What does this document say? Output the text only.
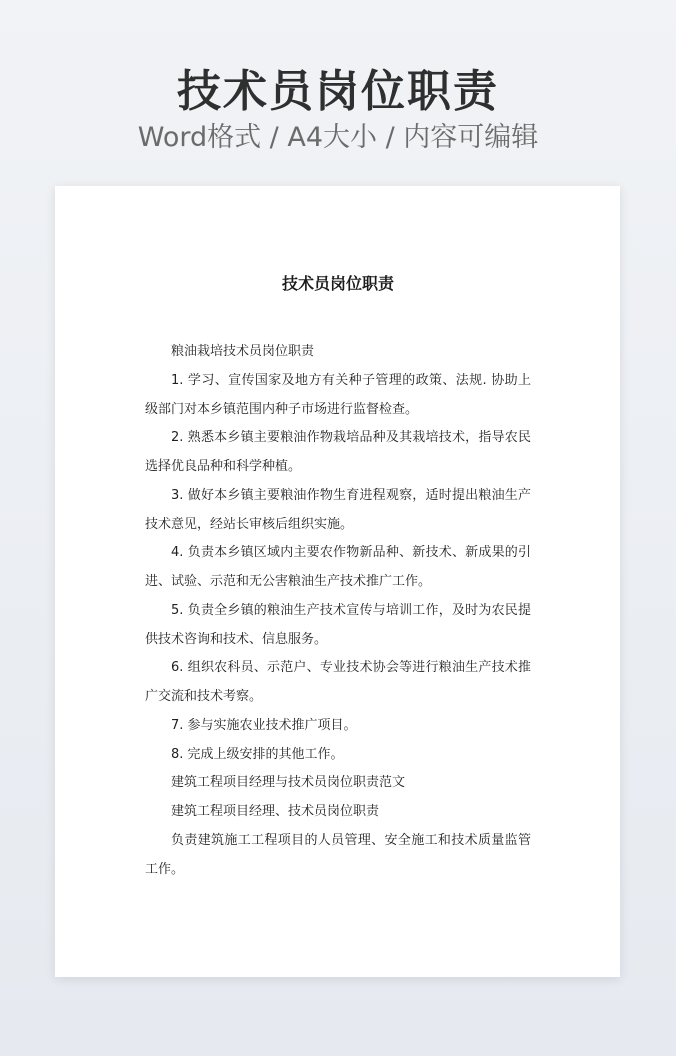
技术员岗位职责
Word格式 / A4大小 / 内容可编辑
技术员岗位职责

粮油栽培技术员岗位职责

1. 学习、宣传国家及地方有关种子管理的政策、法规. 协助上级部门对本乡镇范围内种子市场进行监督检查。

2. 熟悉本乡镇主要粮油作物栽培品种及其栽培技术，指导农民选择优良品种和科学种植。

3. 做好本乡镇主要粮油作物生育进程观察，适时提出粮油生产技术意见，经站长审核后组织实施。

4. 负责本乡镇区域内主要农作物新品种、新技术、新成果的引进、试验、示范和无公害粮油生产技术推广工作。

5. 负责全乡镇的粮油生产技术宣传与培训工作，及时为农民提供技术咨询和技术、信息服务。

6. 组织农科员、示范户、专业技术协会等进行粮油生产技术推广交流和技术考察。

7. 参与实施农业技术推广项目。

8. 完成上级安排的其他工作。

建筑工程项目经理与技术员岗位职责范文

建筑工程项目经理、技术员岗位职责

负责建筑施工工程项目的人员管理、安全施工和技术质量监管工作。
